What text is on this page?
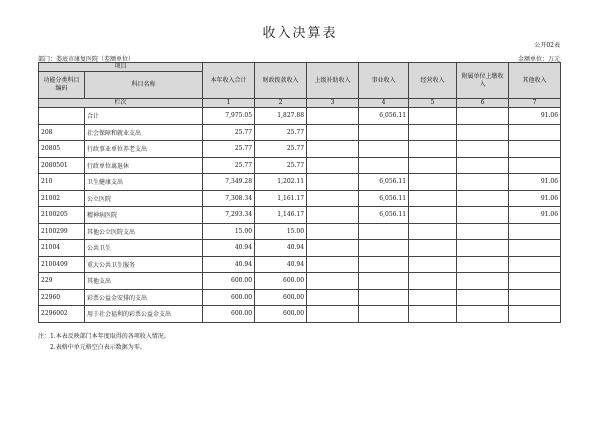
收入决算表
公开02表
部门：娄底市康复医院（差额单位）	金额单位：万元
项目		本年收入合计	财政拨款收入	上级补助收入	事业收入	经营收入	附属单位上缴收入	其他收入
功能分类科目编码	科目名称							

栏次		1	2	3	4	5	6	7
	合计	7,975.05	1,827.88		6,056.11			91.06
208	社会保障和就业支出	25.77	25.77					
20805	行政事业单位养老支出	25.77	25.77					
2080501	行政单位离退休	25.77	25.77					
210	卫生健康支出	7,349.28	1,202.11		6,056.11			91.06
21002	公立医院	7,308.34	1,161.17		6,056.11			91.06
2100205	精神病医院	7,293.34	1,146.17		6,056.11			91.06
2100299	其他公立医院支出	15.00	15.00					
21004	公共卫生	40.94	40.94					
2100409	重大公共卫生服务	40.94	40.94					
229	其他支出	600.00	600.00					
22960	彩票公益金安排的支出	600.00	600.00					
2296002	用于社会福利的彩票公益金支出	600.00	600.00					
注：1.本表反映部门本年度取得的各项收入情况。
2.表格中单元格空白表示数据为零。
